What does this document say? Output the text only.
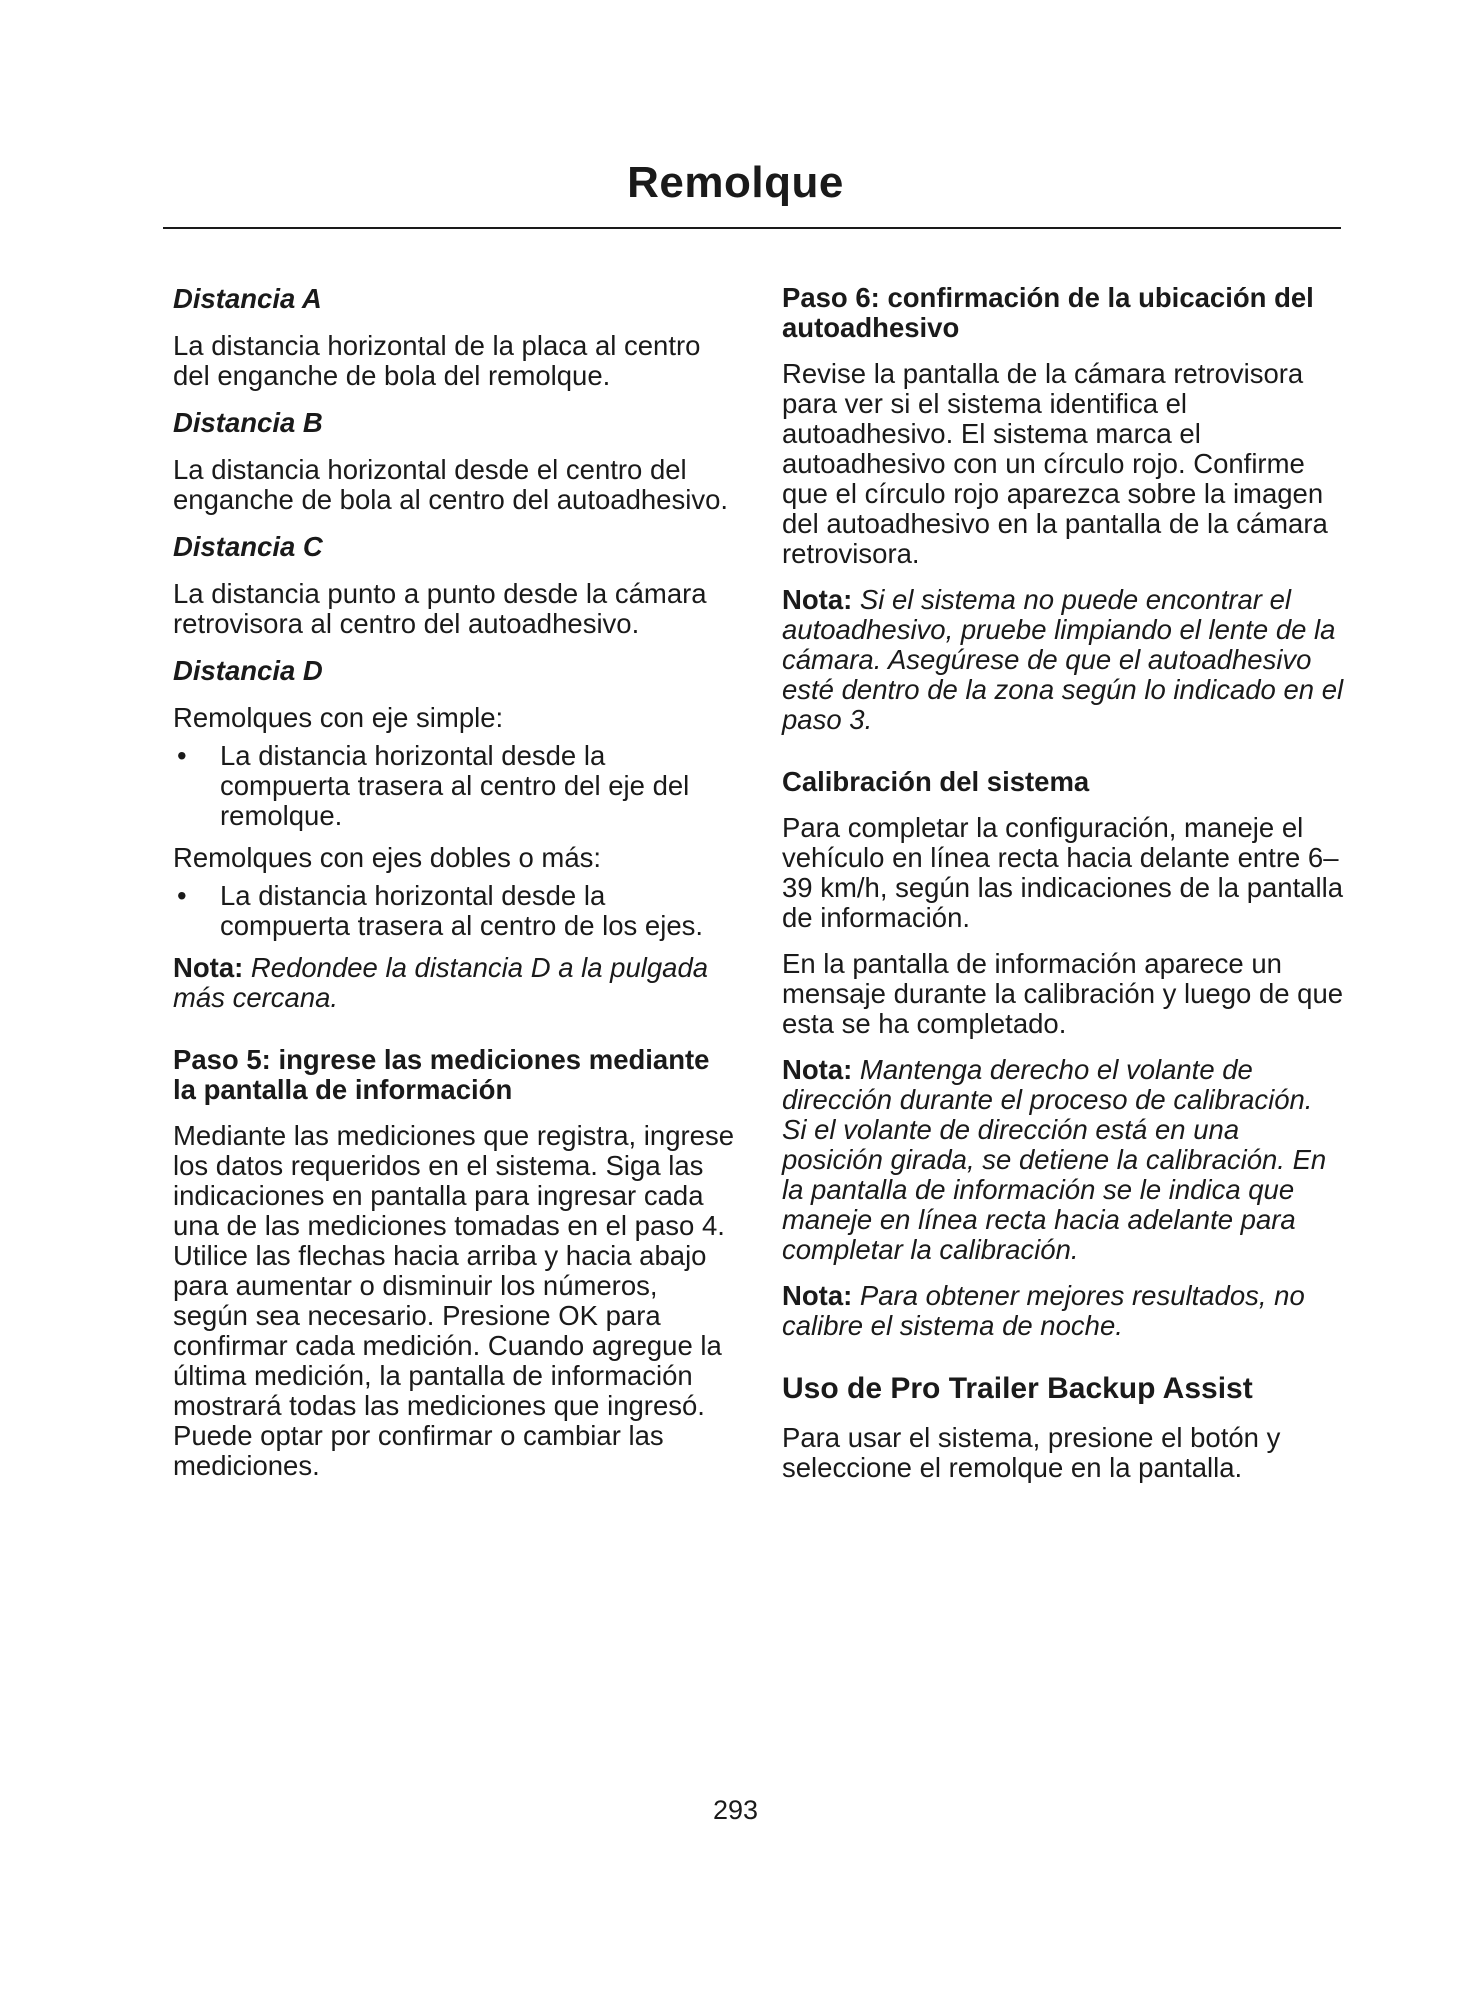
Remolque
Distancia A

La distancia horizontal de la placa al centro del enganche de bola del remolque.

Distancia B

La distancia horizontal desde el centro del enganche de bola al centro del autoadhesivo.

Distancia C

La distancia punto a punto desde la cámara retrovisora al centro del autoadhesivo.

Distancia D

Remolques con eje simple:

• La distancia horizontal desde la compuerta trasera al centro del eje del remolque.

Remolques con ejes dobles o más:

• La distancia horizontal desde la compuerta trasera al centro de los ejes.

Nota: Redondee la distancia D a la pulgada más cercana.

Paso 5: ingrese las mediciones mediante la pantalla de información

Mediante las mediciones que registra, ingrese los datos requeridos en el sistema. Siga las indicaciones en pantalla para ingresar cada una de las mediciones tomadas en el paso 4. Utilice las flechas hacia arriba y hacia abajo para aumentar o disminuir los números, según sea necesario. Presione OK para confirmar cada medición. Cuando agregue la última medición, la pantalla de información mostrará todas las mediciones que ingresó. Puede optar por confirmar o cambiar las mediciones.

Paso 6: confirmación de la ubicación del autoadhesivo

Revise la pantalla de la cámara retrovisora para ver si el sistema identifica el autoadhesivo. El sistema marca el autoadhesivo con un círculo rojo. Confirme que el círculo rojo aparezca sobre la imagen del autoadhesivo en la pantalla de la cámara retrovisora.

Nota: Si el sistema no puede encontrar el autoadhesivo, pruebe limpiando el lente de la cámara. Asegúrese de que el autoadhesivo esté dentro de la zona según lo indicado en el paso 3.

Calibración del sistema

Para completar la configuración, maneje el vehículo en línea recta hacia delante entre 6–39 km/h, según las indicaciones de la pantalla de información.

En la pantalla de información aparece un mensaje durante la calibración y luego de que esta se ha completado.

Nota: Mantenga derecho el volante de dirección durante el proceso de calibración. Si el volante de dirección está en una posición girada, se detiene la calibración. En la pantalla de información se le indica que maneje en línea recta hacia adelante para completar la calibración.

Nota: Para obtener mejores resultados, no calibre el sistema de noche.

Uso de Pro Trailer Backup Assist

Para usar el sistema, presione el botón y seleccione el remolque en la pantalla.

293
